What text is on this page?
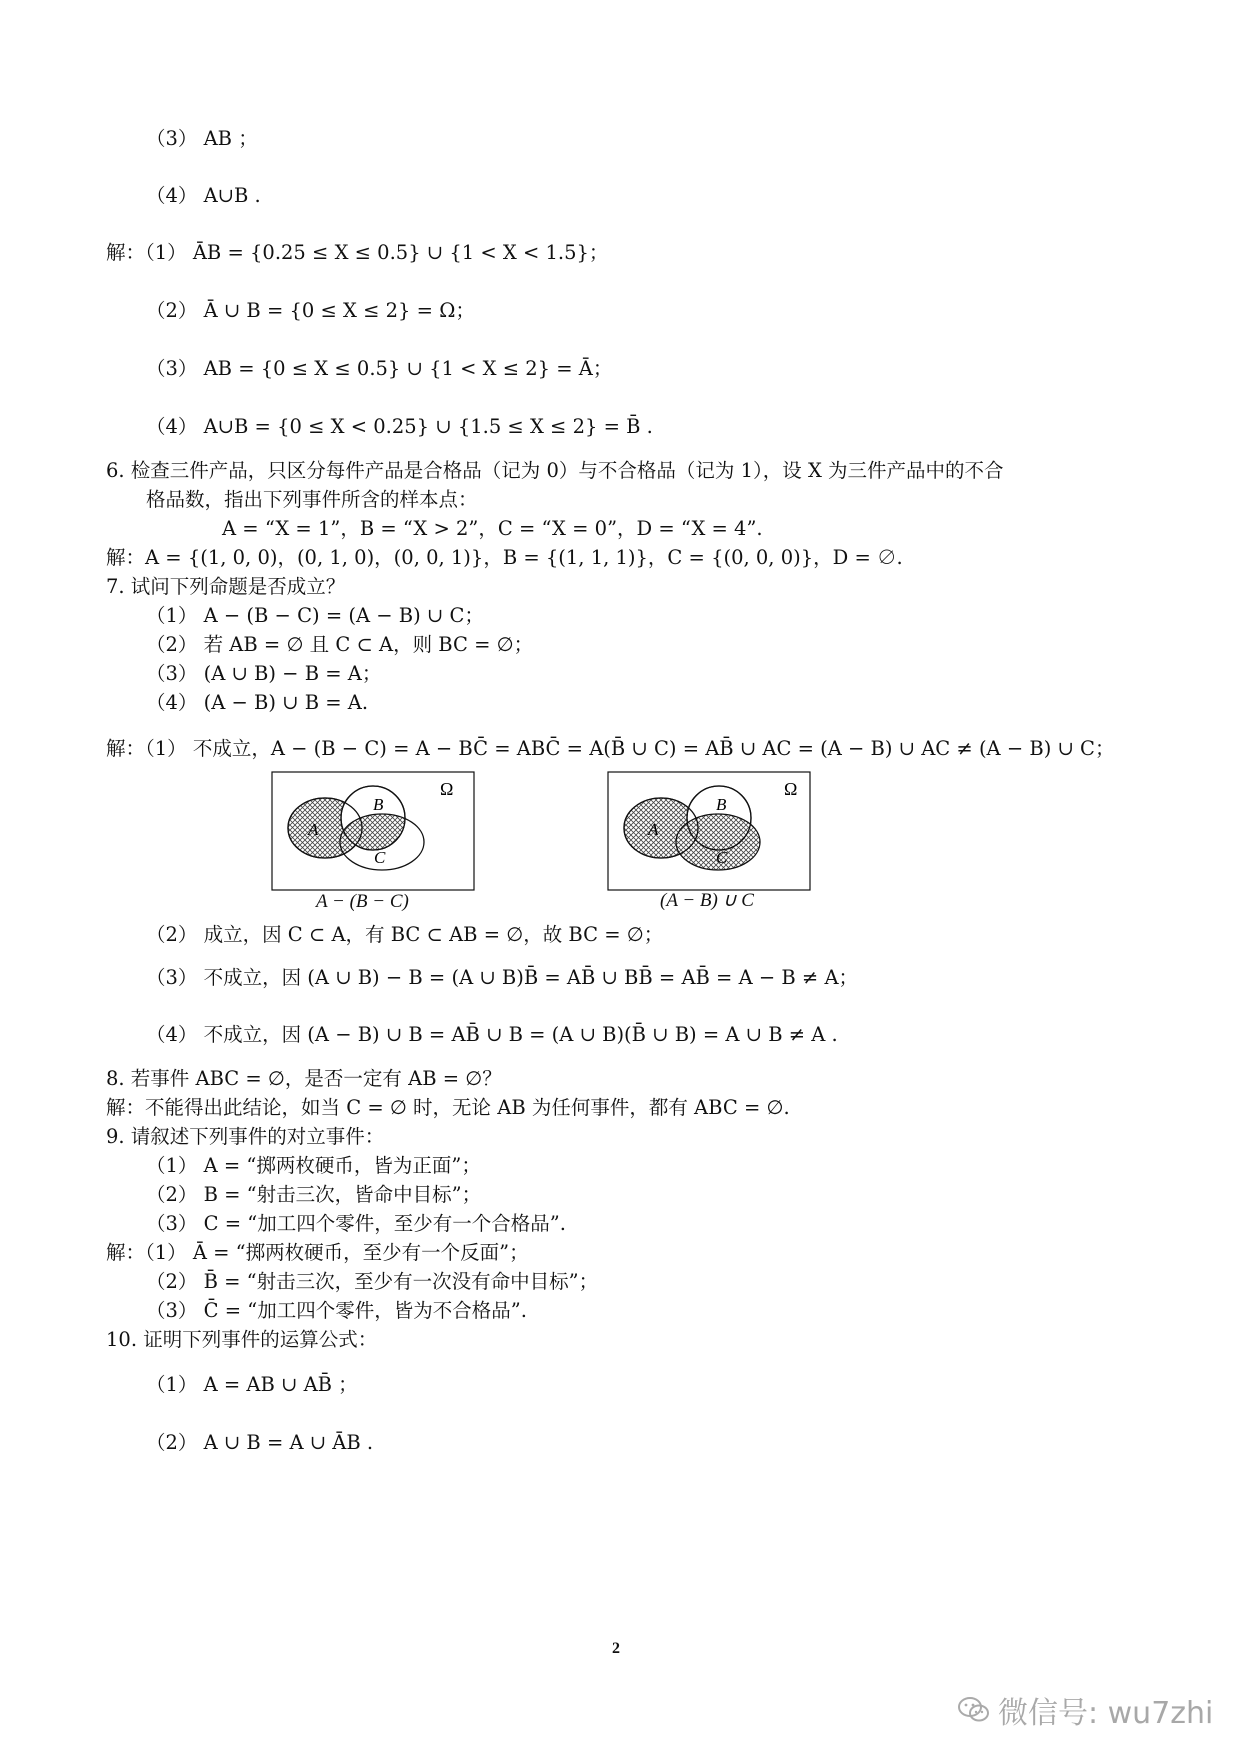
（3） AB ；
（4） A∪B .
解：（1） ĀB = {0.25 ≤ X ≤ 0.5} ∪ {1 < X < 1.5}；
（2） Ā ∪ B = {0 ≤ X ≤ 2} = Ω；
（3） AB = {0 ≤ X ≤ 0.5} ∪ {1 < X ≤ 2} = Ā；
（4） A∪B = {0 ≤ X < 0.25} ∪ {1.5 ≤ X ≤ 2} = B̄ .
6. 检查三件产品，只区分每件产品是合格品（记为 0）与不合格品（记为 1），设 X 为三件产品中的不合
格品数，指出下列事件所含的样本点：
A = “X = 1”，B = “X > 2”，C = “X = 0”，D = “X = 4”.
解：A = {(1, 0, 0)，(0, 1, 0)，(0, 0, 1)}，B = {(1, 1, 1)}，C = {(0, 0, 0)}，D = ∅.
7. 试问下列命题是否成立？
（1） A − (B − C) = (A − B) ∪ C；
（2） 若 AB = ∅ 且 C ⊂ A，则 BC = ∅；
（3） (A ∪ B) − B = A；
（4） (A − B) ∪ B = A.
解：（1） 不成立，A − (B − C) = A − BC̄ = ABC̄ = A(B̄ ∪ C) = AB̄ ∪ AC = (A − B) ∪ AC ≠ (A − B) ∪ C；
A
B
C
Ω
A − (B − C)
A
B
C
Ω
(A − B) ∪ C
（2） 成立，因 C ⊂ A，有 BC ⊂ AB = ∅，故 BC = ∅；
（3） 不成立，因 (A ∪ B) − B = (A ∪ B)B̄ = AB̄ ∪ BB̄ = AB̄ = A − B ≠ A；
（4） 不成立，因 (A − B) ∪ B = AB̄ ∪ B = (A ∪ B)(B̄ ∪ B) = A ∪ B ≠ A .
8. 若事件 ABC = ∅，是否一定有 AB = ∅？
解：不能得出此结论，如当 C = ∅ 时，无论 AB 为任何事件，都有 ABC = ∅.
9. 请叙述下列事件的对立事件：
（1） A = “掷两枚硬币，皆为正面”；
（2） B = “射击三次，皆命中目标”；
（3） C = “加工四个零件，至少有一个合格品”.
解：（1） Ā = “掷两枚硬币，至少有一个反面”；
（2） B̄ = “射击三次，至少有一次没有命中目标”；
（3） C̄ = “加工四个零件，皆为不合格品”.
10. 证明下列事件的运算公式：
（1） A = AB ∪ AB̄ ；
（2） A ∪ B = A ∪ ĀB .
2
微信号: wu7zhi
